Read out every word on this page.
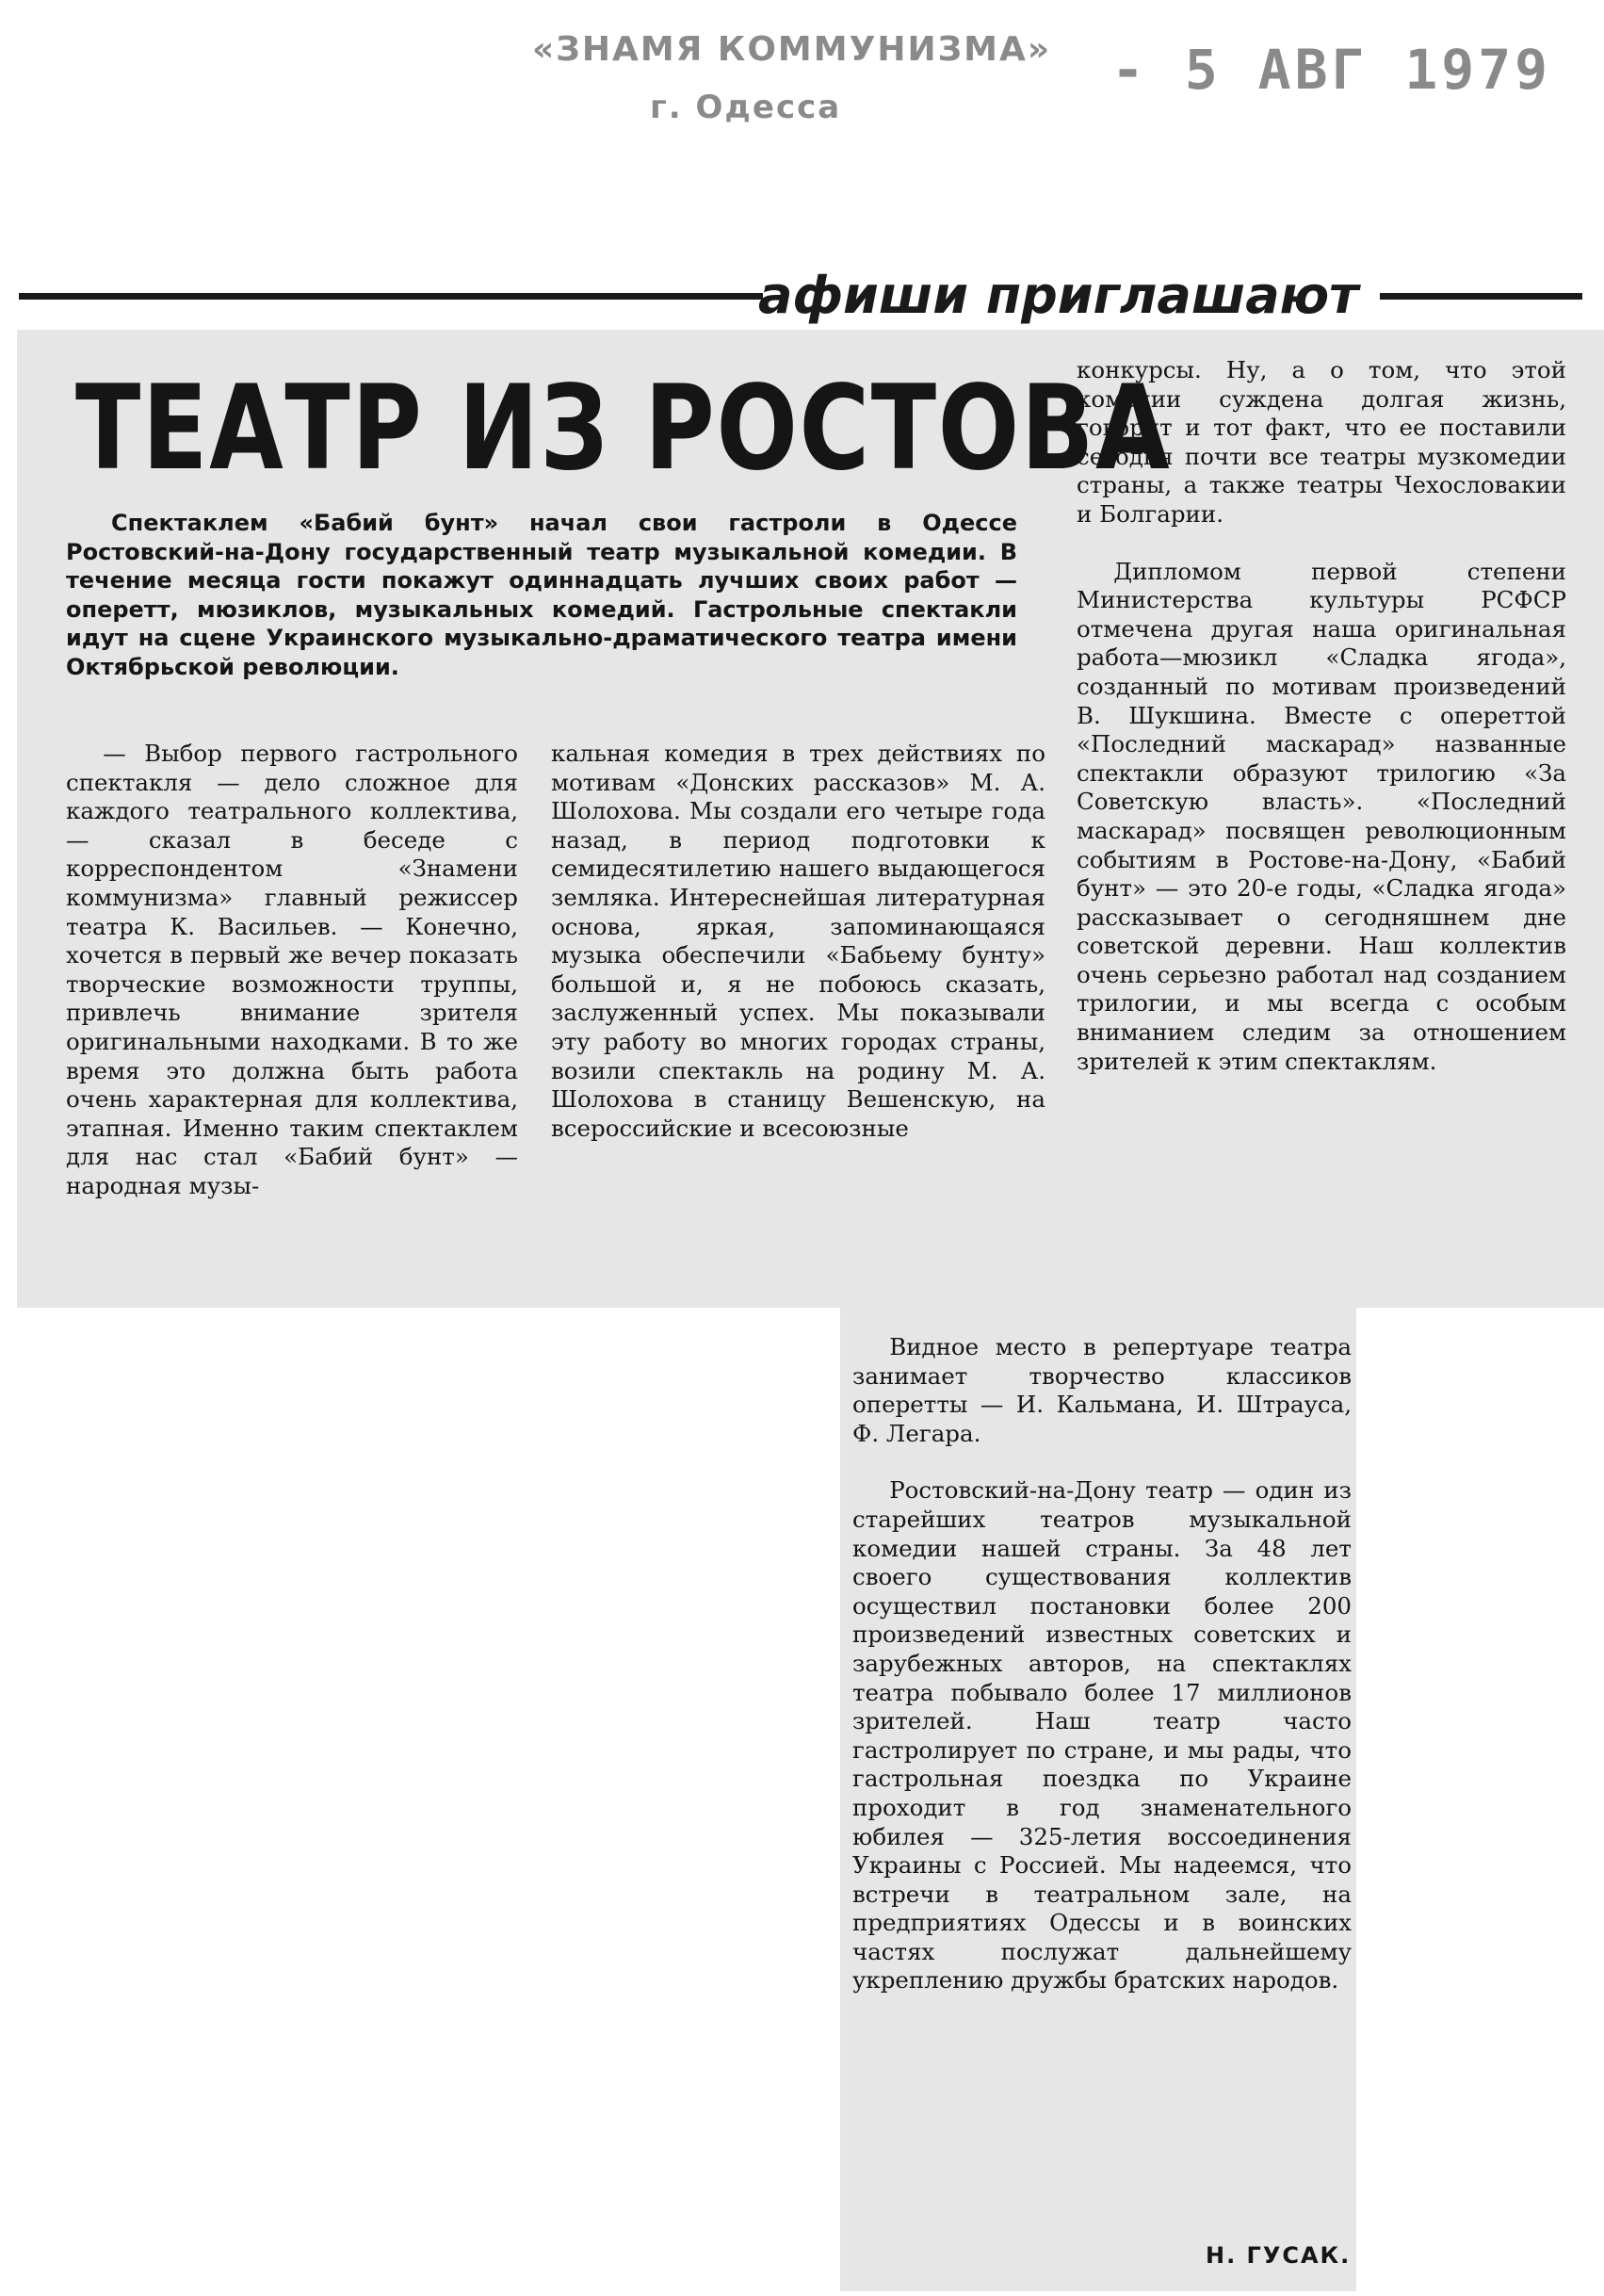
«ЗНАМЯ КОММУНИЗМА»
г. Одесса
- 5 АВГ 1979
афиши приглашают
ТЕАТР ИЗ РОСТОВА
Спектаклем «Бабий бунт» начал свои гастроли в Одессе Ростовский-на-Дону государственный театр музыкальной комедии. В течение месяца гости покажут одиннадцать лучших своих работ — оперетт, мюзиклов, музыкальных комедий. Гастрольные спектакли идут на сцене Украинского музыкально-драматического театра имени Октябрьской революции.

— Выбор первого гастрольного спектакля — дело сложное для каждого театрального коллектива, — сказал в беседе с корреспондентом «Знамени коммунизма» главный режиссер театра К. Васильев. — Конечно, хочется в первый же вечер показать творческие возможности труппы, привлечь внимание зрителя оригинальными находками. В то же время это должна быть работа очень характерная для коллектива, этапная. Именно таким спектаклем для нас стал «Бабий бунт» — народная музы-

кальная комедия в трех действиях по мотивам «Донских рассказов» М. А. Шолохова. Мы создали его четыре года назад, в период подготовки к семидесятилетию нашего выдающегося земляка. Интереснейшая литературная основа, яркая, запоминающаяся музыка обеспечили «Бабьему бунту» большой и, я не побоюсь сказать, заслуженный успех. Мы показывали эту работу во многих городах страны, возили спектакль на родину М. А. Шолохова в станицу Вешенскую, на всероссийские и всесоюзные

конкурсы. Ну, а о том, что этой комедии суждена долгая жизнь, говорит и тот факт, что ее поставили сегодня почти все театры музкомедии страны, а также театры Чехословакии и Болгарии.

Дипломом первой степени Министерства культуры РСФСР отмечена другая наша оригинальная работа—мюзикл «Сладка ягода», созданный по мотивам произведений В. Шукшина. Вместе с опереттой «Последний маскарад» названные спектакли образуют трилогию «За Советскую власть». «Последний маскарад» посвящен революционным событиям в Ростове-на-Дону, «Бабий бунт» — это 20-е годы, «Сладка ягода» рассказывает о сегодняшнем дне советской деревни. Наш коллектив очень серьезно работал над созданием трилогии, и мы всегда с особым вниманием следим за отношением зрителей к этим спектаклям.

Видное место в репертуаре театра занимает творчество классиков оперетты — И. Кальмана, И. Штрауса, Ф. Легара.

Ростовский-на-Дону театр — один из старейших театров музыкальной комедии нашей страны. За 48 лет своего существования коллектив осуществил постановки более 200 произведений известных советских и зарубежных авторов, на спектаклях театра побывало более 17 миллионов зрителей. Наш театр часто гастролирует по стране, и мы рады, что гастрольная поездка по Украине проходит в год знаменательного юбилея — 325-летия воссоединения Украины с Россией. Мы надеемся, что встречи в театральном зале, на предприятиях Одессы и в воинских частях послужат дальнейшему укреплению дружбы братских народов.

Н. ГУСАК.
